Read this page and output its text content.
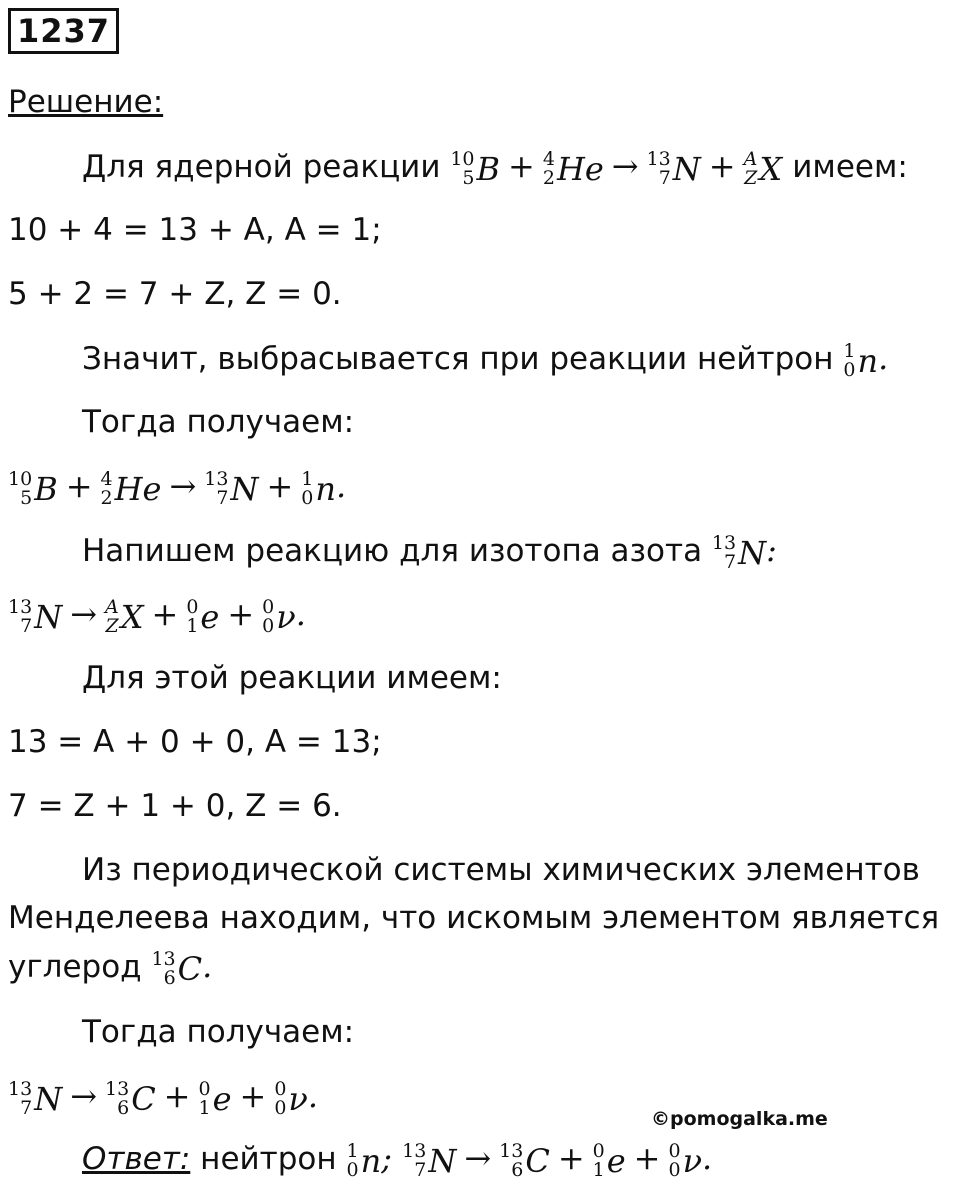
1237
Решение:
Для ядерной реакции 10
5 B + 4
2 He → 13
7 N + A
Z X имеем:
10 + 4 = 13 + A, A = 1;
5 + 2 = 7 + Z, Z = 0.
Значит, выбрасывается при реакции нейтрон 1
0 n .
Тогда получаем:
10
5 B + 4
2 He → 13
7 N + 1
0 n .
Напишем реакцию для изотопа азота 13
7 N :
13
7 N → A
Z X + 0
1 e + 0
0 ν .
Для этой реакции имеем:
13 = A + 0 + 0, A = 13;
7 = Z + 1 + 0, Z = 6.
Из периодической системы химических элементов
Менделеева находим, что искомым элементом является
углерод 13
6 C .
Тогда получаем:
13
7 N → 13
6 C + 0
1 e + 0
0 ν .
©pomogalka.me
Ответ: нейтрон 1
0 n ; 13
7 N → 13
6 C + 0
1 e + 0
0 ν .
